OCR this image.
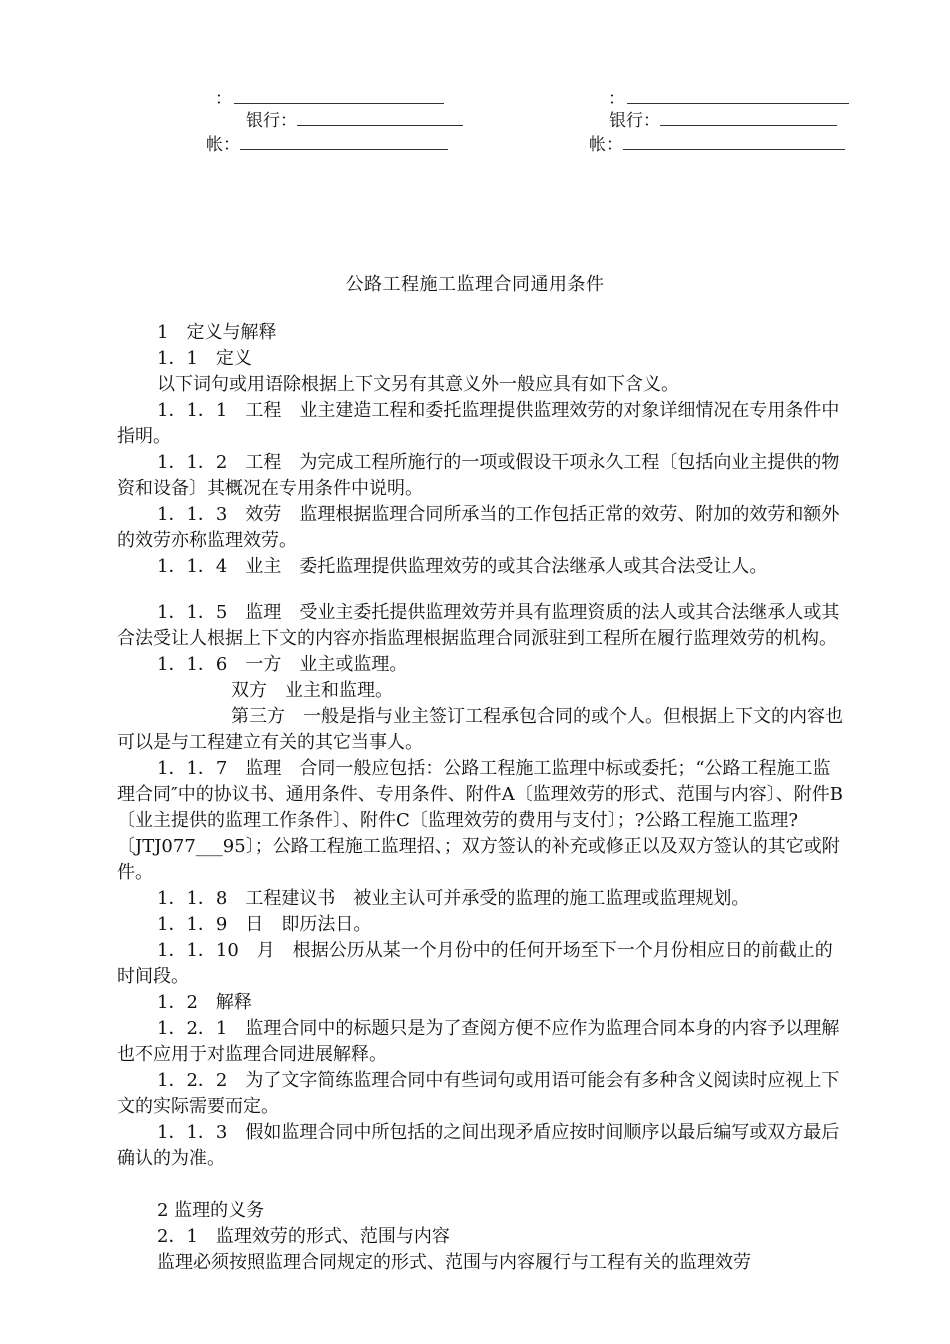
：
银行：
帐：
：
银行：
帐：
公路工程施工监理合同通用条件

1　定义与解释

1．1　定义

以下词句或用语除根据上下文另有其意义外一般应具有如下含义。

1．1．1　工程　业主建造工程和委托监理提供监理效劳的对象详细情况在专用条件中指明。

1．1．2　工程　为完成工程所施行的一项或假设干项永久工程〔包括向业主提供的物资和设备〕其概况在专用条件中说明。

1．1．3　效劳　监理根据监理合同所承当的工作包括正常的效劳、附加的效劳和额外的效劳亦称监理效劳。

1．1．4　业主　委托监理提供监理效劳的或其合法继承人或其合法受让人。

1．1．5　监理　受业主委托提供监理效劳并具有监理资质的法人或其合法继承人或其合法受让人根据上下文的内容亦指监理根据监理合同派驻到工程所在履行监理效劳的机构。

1．1．6　一方　业主或监理。

双方　业主和监理。

第三方　一般是指与业主签订工程承包合同的或个人。但根据上下文的内容也可以是与工程建立有关的其它当事人。

1．1．7　监理　合同一般应包括：公路工程施工监理中标或委托；“公路工程施工监理合同″中的协议书、通用条件、专用条件、附件A〔监理效劳的形式、范围与内容〕、附件B〔业主提供的监理工作条件〕、附件C〔监理效劳的费用与支付〕；?公路工程施工监理?〔JTJ077___95〕；公路工程施工监理招、；双方签认的补充或修正以及双方签认的其它或附件。

1．1．8　工程建议书　被业主认可并承受的监理的施工监理或监理规划。

1．1．9　日　即历法日。

1．1．10　月　根据公历从某一个月份中的任何开场至下一个月份相应日的前截止的时间段。

1．2　解释

1．2．1　监理合同中的标题只是为了查阅方便不应作为监理合同本身的内容予以理解也不应用于对监理合同进展解释。

1．2．2　为了文字简练监理合同中有些词句或用语可能会有多种含义阅读时应视上下文的实际需要而定。

1．1．3　假如监理合同中所包括的之间出现矛盾应按时间顺序以最后编写或双方最后确认的为准。

2 监理的义务

2．1　监理效劳的形式、范围与内容

监理必须按照监理合同规定的形式、范围与内容履行与工程有关的监理效劳
